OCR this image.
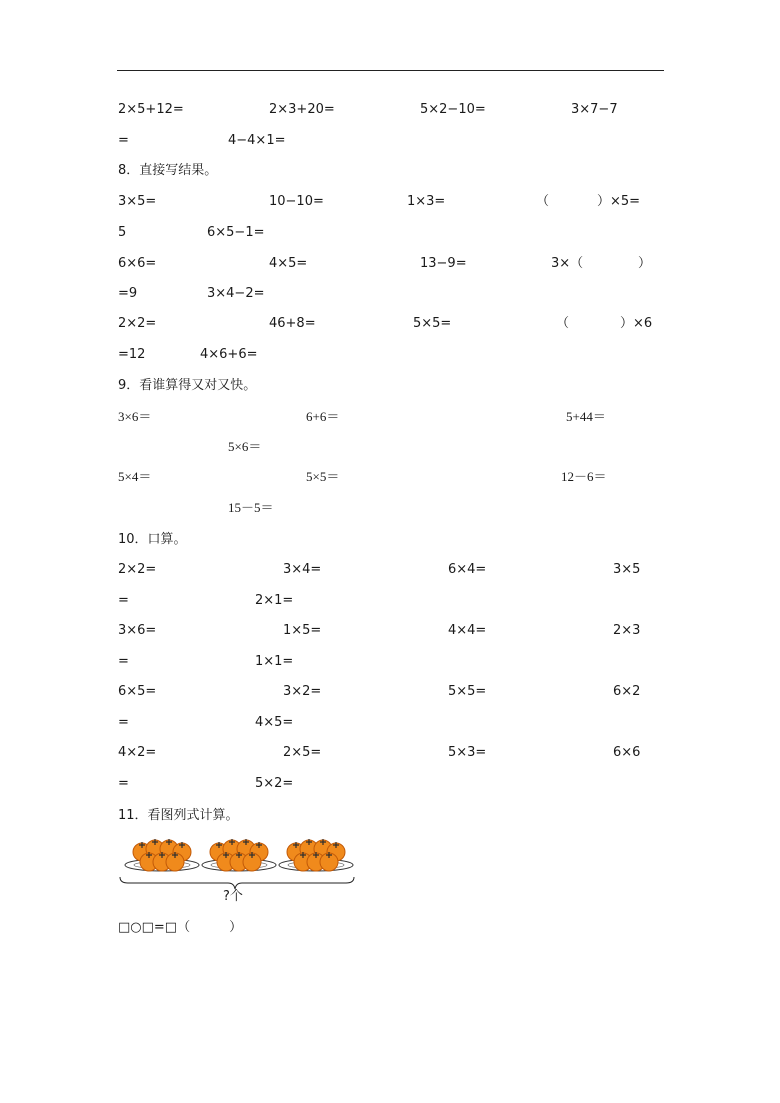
2×5+12=	2×3+20=	5×2−10=	3×7−7
=	4−4×1=
8．直接写结果。
3×5=	10−10=	1×3=	（	）×5=
5	6×5−1=
6×6=	4×5=	13−9=	3×（	）
=9	3×4−2=
2×2=	46+8=	5×5=	（	）×6
=12	4×6+6=
9．看谁算得又对又快。
3×6＝	6+6＝	5+44＝
5×6＝
5×4＝	5×5＝	12－6＝
15－5＝
10．口算。
2×2=	3×4=	6×4=	3×5
=	2×1=
3×6=	1×5=	4×4=	2×3
=	1×1=
6×5=	3×2=	5×5=	6×2
=	4×5=
4×2=	2×5=	5×3=	6×6
=	5×2=
11．看图列式计算。
?个
□○□=□（　　　）
